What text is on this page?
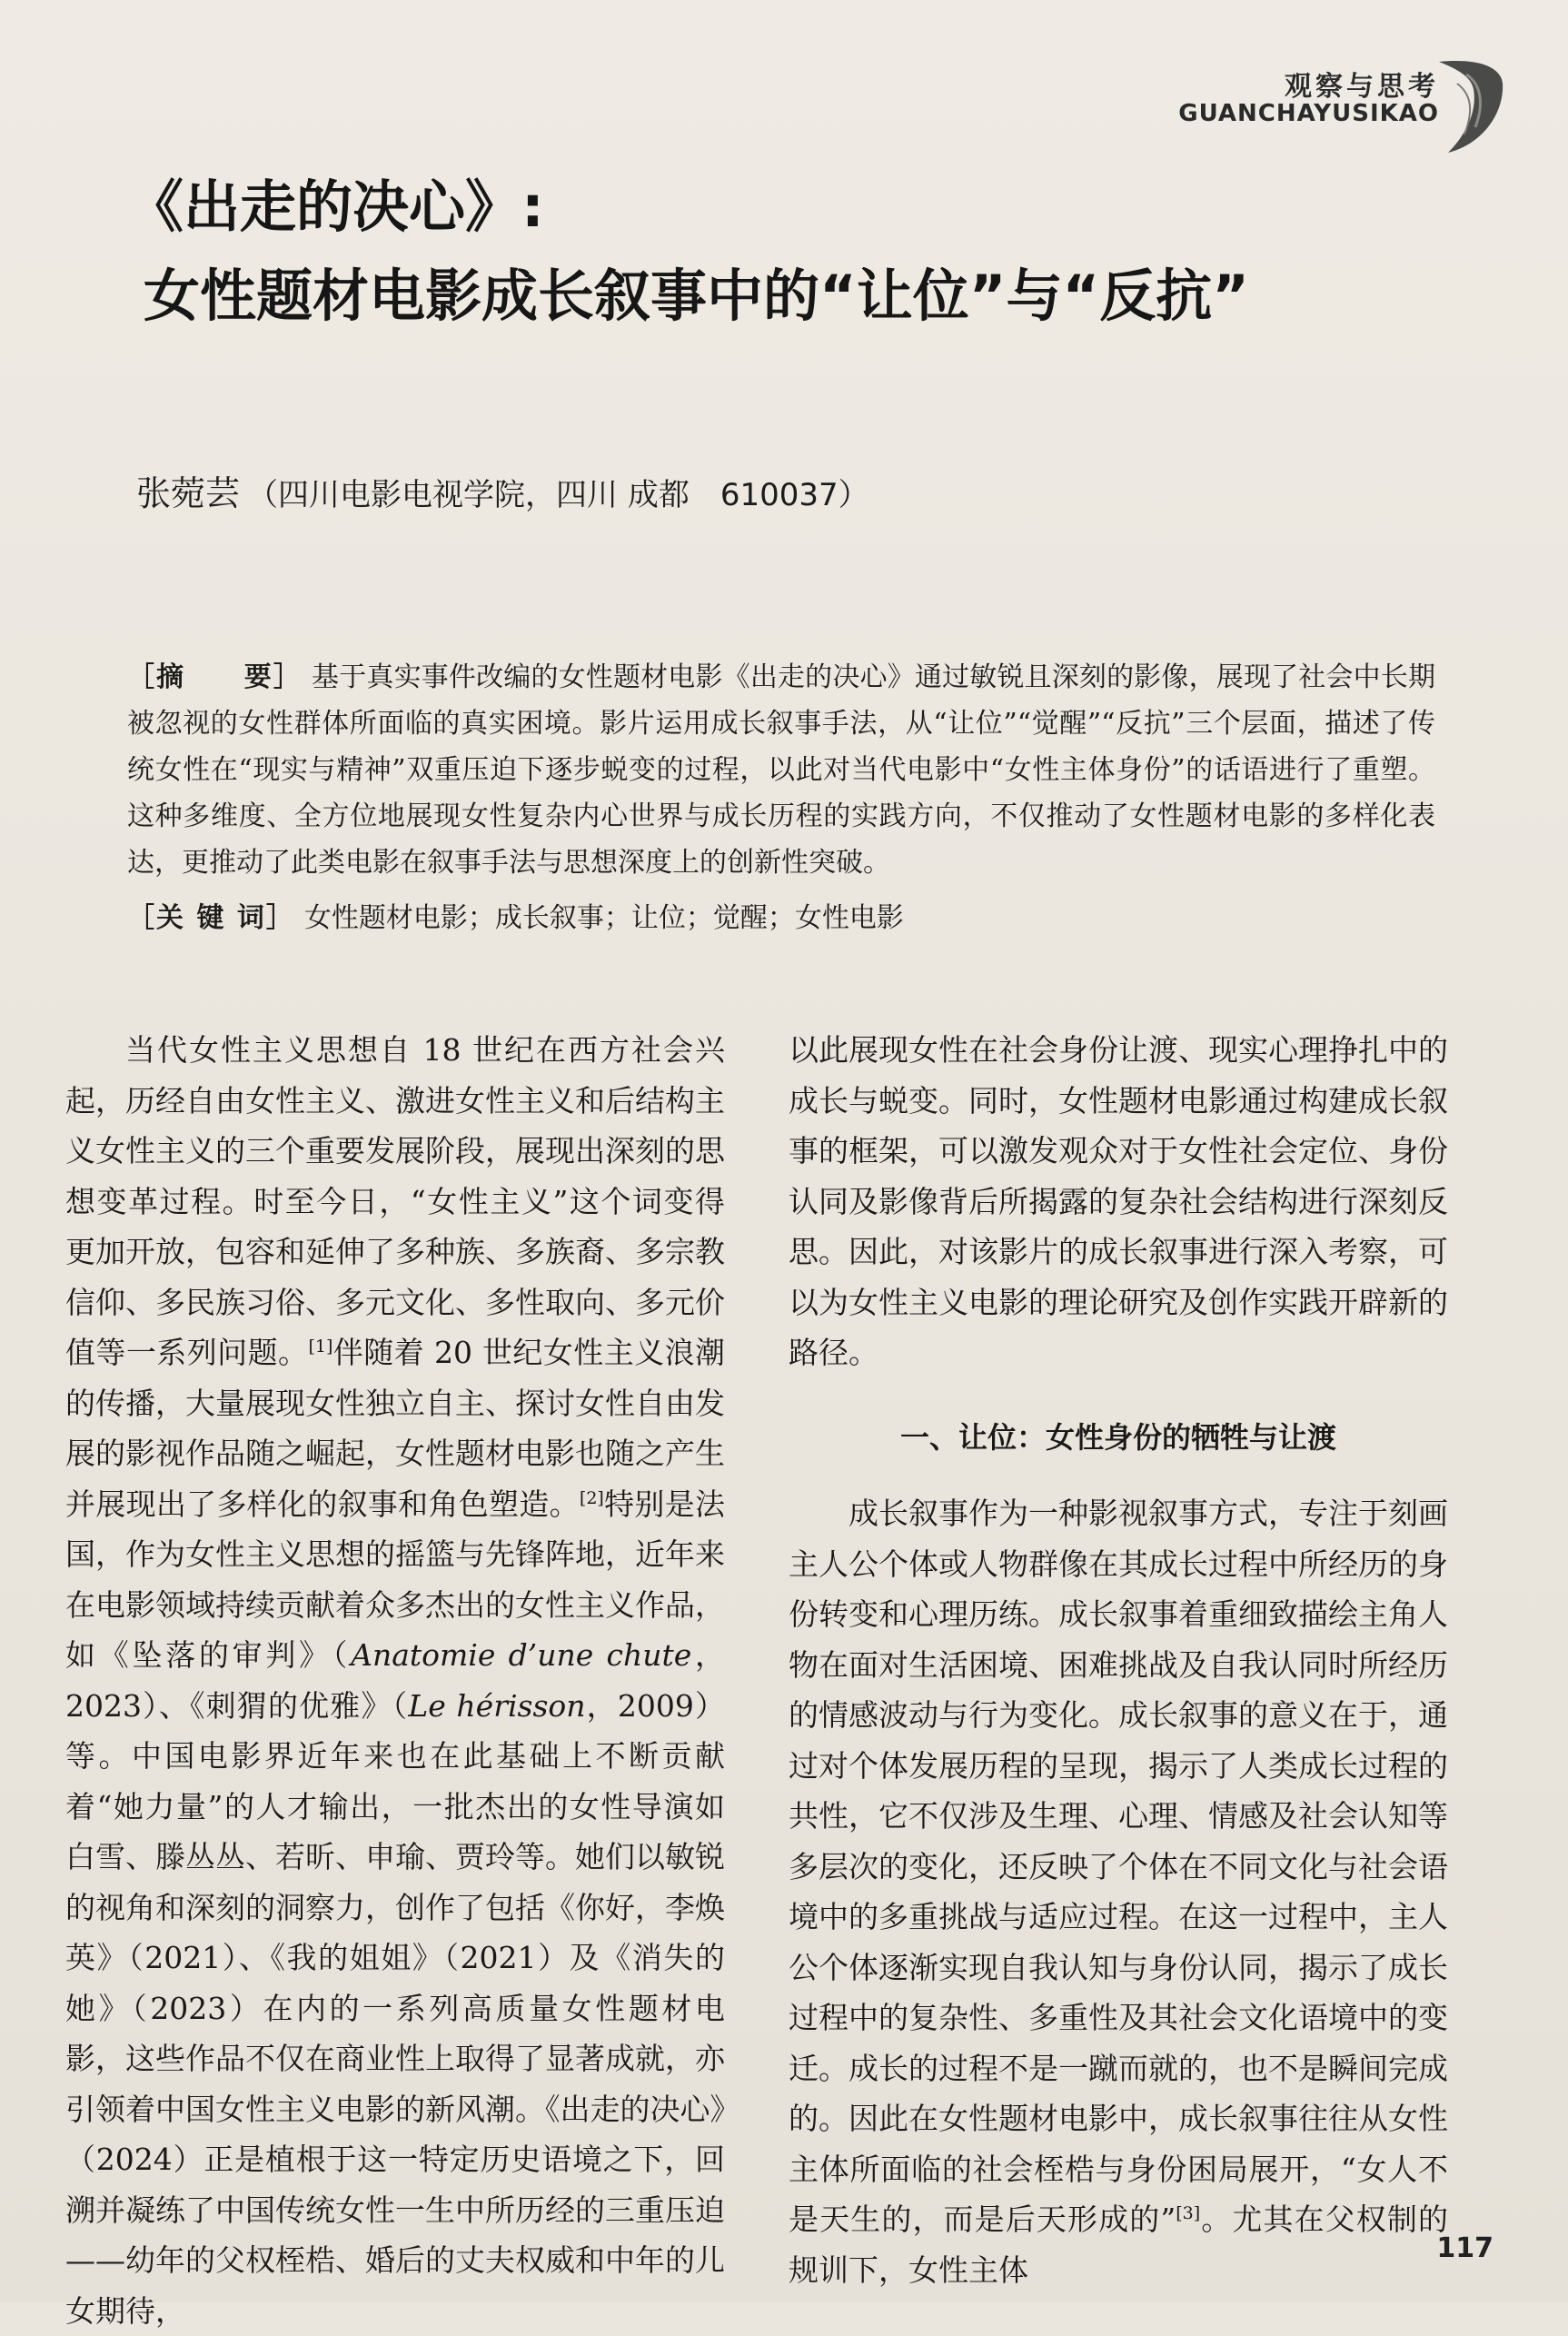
观察与思考
GUANCHAYUSIKAO
《出走的决心》:
女性题材电影成长叙事中的“让位”与“反抗”
张菀芸 （四川电影电视学院，四川 成都　610037）

［摘　　要］ 基于真实事件改编的女性题材电影《出走的决心》通过敏锐且深刻的影像，展现了社会中长期被忽视的女性群体所面临的真实困境。影片运用成长叙事手法，从“让位”“觉醒”“反抗”三个层面，描述了传统女性在“现实与精神”双重压迫下逐步蜕变的过程，以此对当代电影中“女性主体身份”的话语进行了重塑。这种多维度、全方位地展现女性复杂内心世界与成长历程的实践方向，不仅推动了女性题材电影的多样化表达，更推动了此类电影在叙事手法与思想深度上的创新性突破。

［关 键 词］ 女性题材电影；成长叙事；让位；觉醒；女性电影

当代女性主义思想自 18 世纪在西方社会兴起，历经自由女性主义、激进女性主义和后结构主义女性主义的三个重要发展阶段，展现出深刻的思想变革过程。时至今日，“女性主义”这个词变得更加开放，包容和延伸了多种族、多族裔、多宗教信仰、多民族习俗、多元文化、多性取向、多元价值等一系列问题。[1]伴随着 20 世纪女性主义浪潮的传播，大量展现女性独立自主、探讨女性自由发展的影视作品随之崛起，女性题材电影也随之产生并展现出了多样化的叙事和角色塑造。[2]特别是法国，作为女性主义思想的摇篮与先锋阵地，近年来在电影领域持续贡献着众多杰出的女性主义作品，如《坠落的审判》（Anatomie d’une chute，2023）、《刺猬的优雅》（Le hérisson，2009）等。中国电影界近年来也在此基础上不断贡献着“她力量”的人才输出，一批杰出的女性导演如白雪、滕丛丛、若昕、申瑜、贾玲等。她们以敏锐的视角和深刻的洞察力，创作了包括《你好，李焕英》（2021）、《我的姐姐》（2021）及《消失的她》（2023）在内的一系列高质量女性题材电影，这些作品不仅在商业性上取得了显著成就，亦引领着中国女性主义电影的新风潮。《出走的决心》（2024）正是植根于这一特定历史语境之下，回溯并凝练了中国传统女性一生中所历经的三重压迫——幼年的父权桎梏、婚后的丈夫权威和中年的儿女期待，

以此展现女性在社会身份让渡、现实心理挣扎中的成长与蜕变。同时，女性题材电影通过构建成长叙事的框架，可以激发观众对于女性社会定位、身份认同及影像背后所揭露的复杂社会结构进行深刻反思。因此，对该影片的成长叙事进行深入考察，可以为女性主义电影的理论研究及创作实践开辟新的路径。

一、让位：女性身份的牺牲与让渡

成长叙事作为一种影视叙事方式，专注于刻画主人公个体或人物群像在其成长过程中所经历的身份转变和心理历练。成长叙事着重细致描绘主角人物在面对生活困境、困难挑战及自我认同时所经历的情感波动与行为变化。成长叙事的意义在于，通过对个体发展历程的呈现，揭示了人类成长过程的共性，它不仅涉及生理、心理、情感及社会认知等多层次的变化，还反映了个体在不同文化与社会语境中的多重挑战与适应过程。在这一过程中，主人公个体逐渐实现自我认知与身份认同，揭示了成长过程中的复杂性、多重性及其社会文化语境中的变迁。成长的过程不是一蹴而就的，也不是瞬间完成的。因此在女性题材电影中，成长叙事往往从女性主体所面临的社会桎梏与身份困局展开，“女人不是天生的，而是后天形成的”[3]。尤其在父权制的规训下，女性主体

117
